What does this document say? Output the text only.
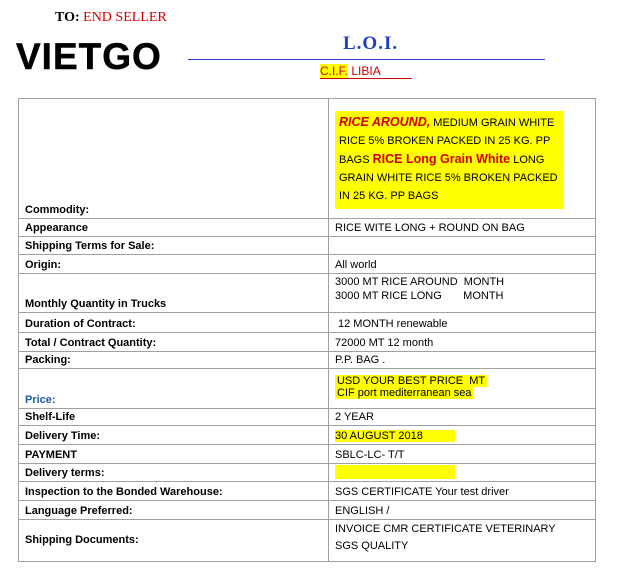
TO: END SELLER
VIETGO	L.O.I.
C.I.F. LIBIA
Commodity:	RICE AROUND, MEDIUM GRAIN WHITE RICE 5% BROKEN PACKED IN 25 KG. PP BAGS RICE Long Grain White LONG GRAIN WHITE RICE 5% BROKEN PACKED IN 25 KG. PP BAGS
Appearance	RICE WITE LONG + ROUND ON BAG
Shipping Terms for Sale:	
Origin:	All world
Monthly Quantity in Trucks	3000 MT RICE AROUND  MONTH
3000 MT RICE LONG       MONTH

Duration of Contract:	12 MONTH renewable
Total / Contract Quantity:	72000 MT 12 month
Packing:	P.P. BAG .
Price:	USD YOUR BEST PRICE  MT
CIF port mediterranean sea
Shelf-Life	2 YEAR
Delivery Time:	30 AUGUST 2018
PAYMENT	SBLC-LC- T/T
Delivery terms:	
Inspection to the Bonded Warehouse:	SGS CERTIFICATE Your test driver
Language Preferred:	ENGLISH /
Shipping Documents:	INVOICE CMR CERTIFICATE VETERINARY
SGS QUALITY
